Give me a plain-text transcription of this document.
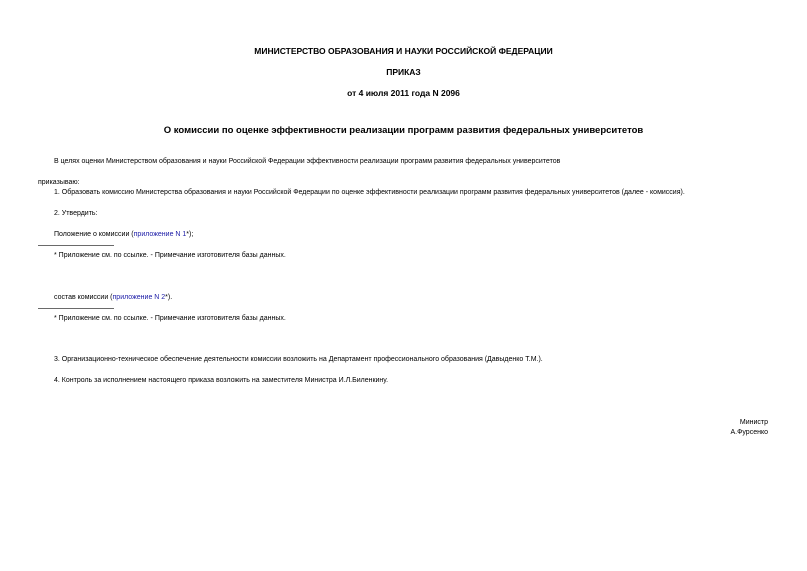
МИНИСТЕРСТВО ОБРАЗОВАНИЯ И НАУКИ РОССИЙСКОЙ ФЕДЕРАЦИИ
ПРИКАЗ
от 4 июля 2011 года N 2096
О комиссии по оценке эффективности реализации программ развития федеральных университетов
В целях оценки Министерством образования и науки Российской Федерации эффективности реализации программ развития федеральных университетов
приказываю:
1. Образовать комиссию Министерства образования и науки Российской Федерации по оценке эффективности реализации программ развития федеральных университетов (далее - комиссия).
2. Утвердить:
Положение о комиссии (приложение N 1*);
* Приложение см. по ссылке. - Примечание изготовителя базы данных.
состав комиссии (приложение N 2*).
* Приложение см. по ссылке. - Примечание изготовителя базы данных.
3. Организационно-техническое обеспечение деятельности комиссии возложить на Департамент профессионального образования (Давыденко Т.М.).
4. Контроль за исполнением настоящего приказа возложить на заместителя Министра И.Л.Биленкину.
Министр
А.Фурсенко
